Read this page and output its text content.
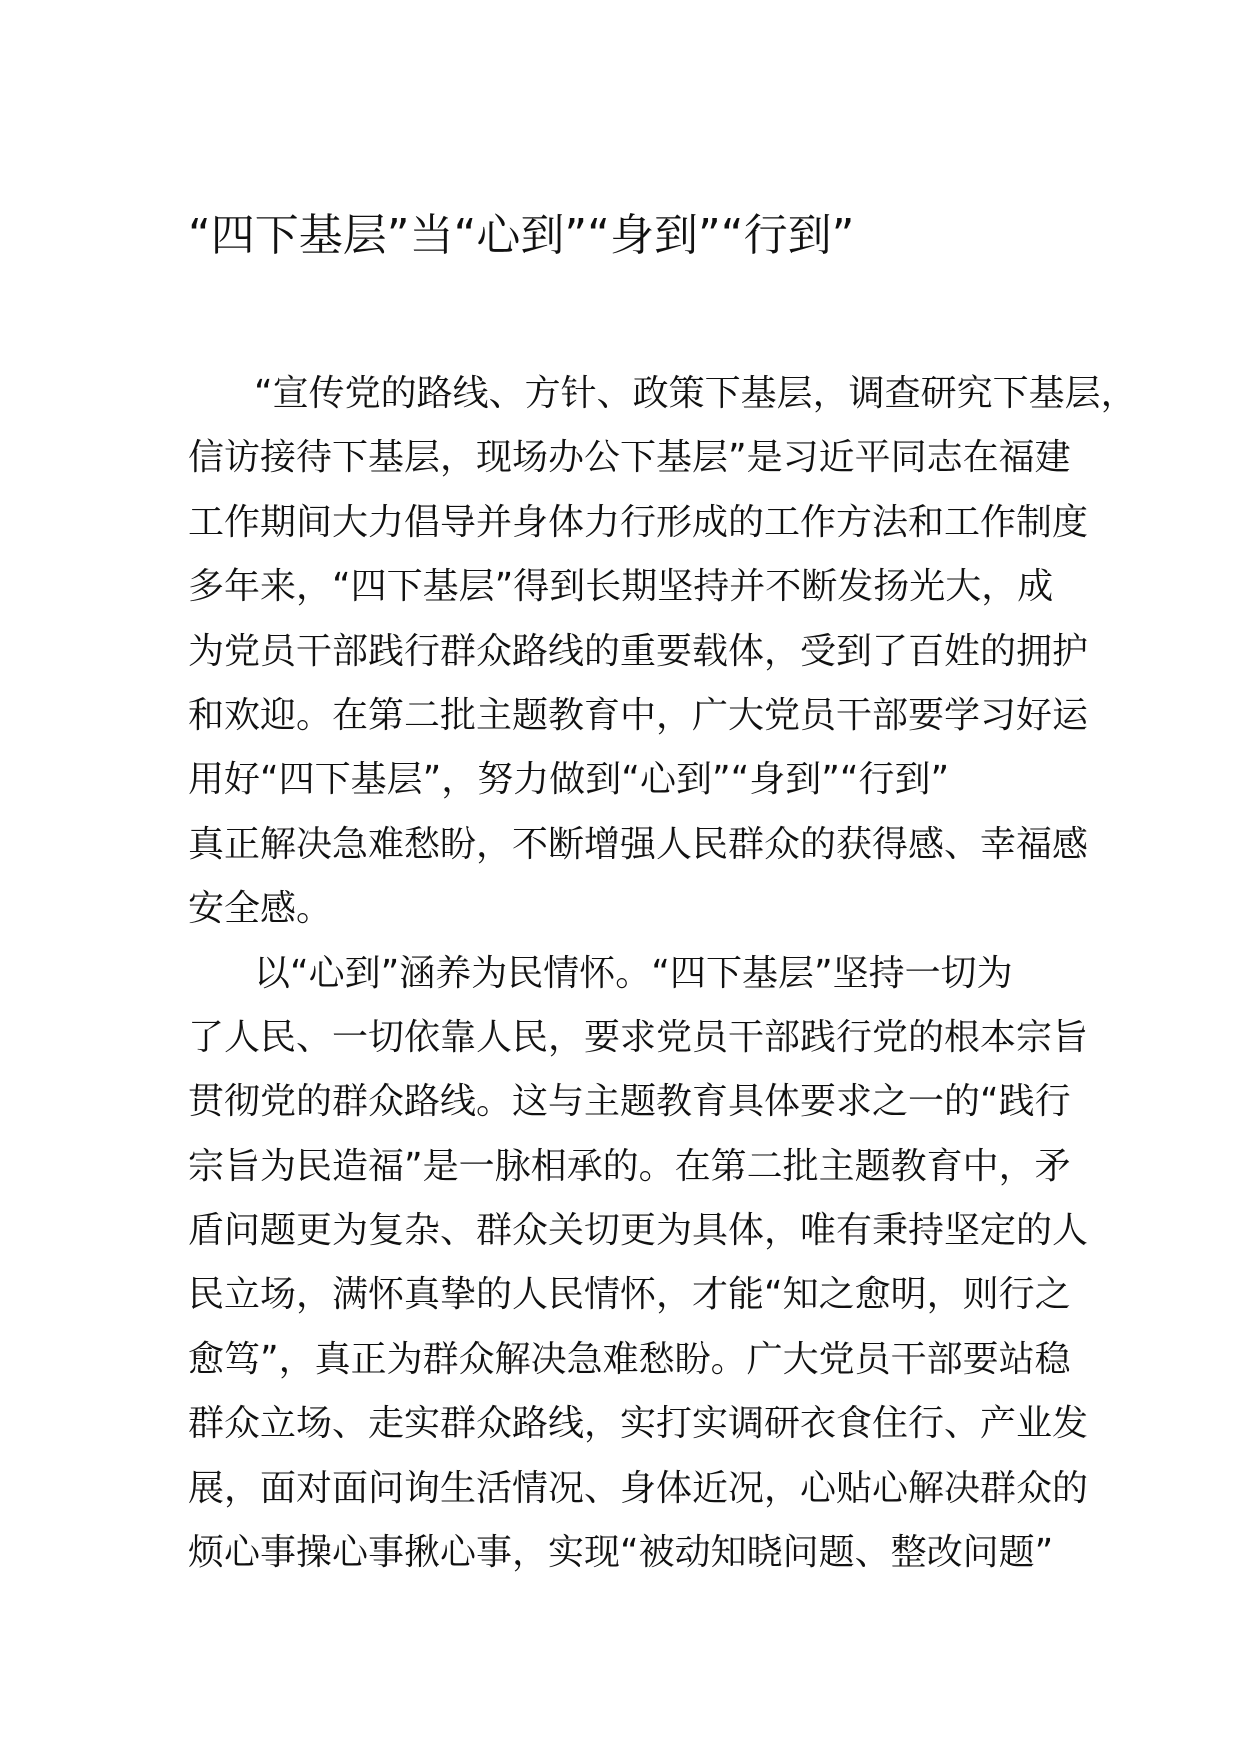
“四下基层”当“心到”“身到”“行到”
“宣传党的路线、方针、政策下基层，调查研究下基层，
信访接待下基层，现场办公下基层”是习近平同志在福建
工作期间大力倡导并身体力行形成的工作方法和工作制度
多年来，“四下基层”得到长期坚持并不断发扬光大，成
为党员干部践行群众路线的重要载体，受到了百姓的拥护
和欢迎。在第二批主题教育中，广大党员干部要学习好运
用好“四下基层”，努力做到“心到”“身到”“行到”
真正解决急难愁盼，不断增强人民群众的获得感、幸福感
安全感。
以“心到”涵养为民情怀。“四下基层”坚持一切为
了人民、一切依靠人民，要求党员干部践行党的根本宗旨
贯彻党的群众路线。这与主题教育具体要求之一的“践行
宗旨为民造福”是一脉相承的。在第二批主题教育中，矛
盾问题更为复杂、群众关切更为具体，唯有秉持坚定的人
民立场，满怀真挚的人民情怀，才能“知之愈明，则行之
愈笃”，真正为群众解决急难愁盼。广大党员干部要站稳
群众立场、走实群众路线，实打实调研衣食住行、产业发
展，面对面问询生活情况、身体近况，心贴心解决群众的
烦心事操心事揪心事，实现“被动知晓问题、整改问题”
